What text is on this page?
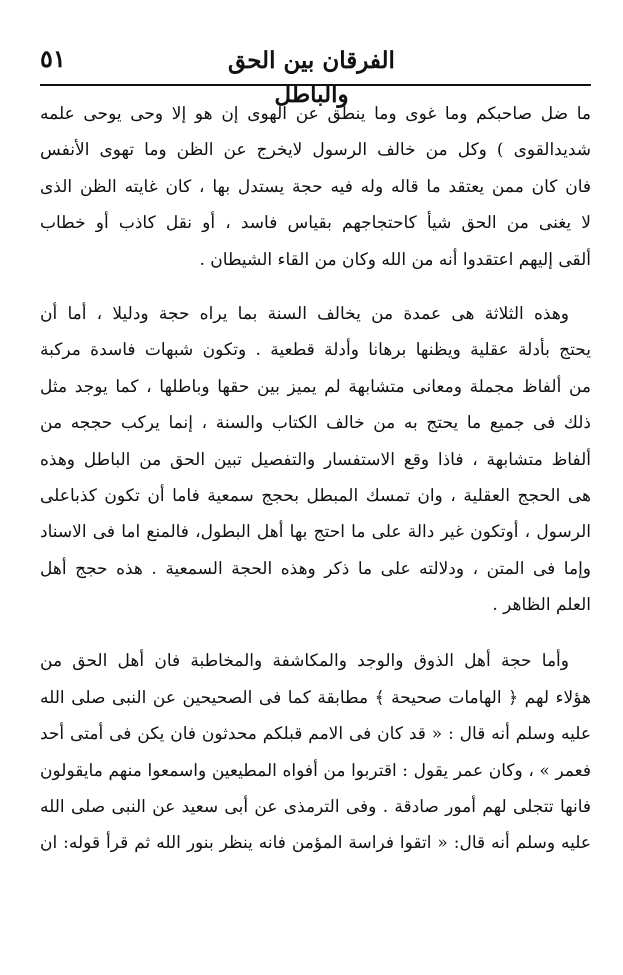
الفرقان بين الحق والباطل
٥١
ما ضل صاحبكم وما غوى وما ينطق عن الهوى إن هو إلا وحى يوحى علمه
شديدالقوى ) وكل من خالف الرسول لايخرج عن الظن وما تهوى الأنفس
فان كان ممن يعتقد ما قاله وله فيه حجة يستدل بها ، كان غايته الظن الذى
لا يغنى من الحق شيأ كاحتجاجهم بقياس فاسد ، أو نقل كاذب أو خطاب
ألقى إليهم اعتقدوا أنه من الله وكان من القاء الشيطان .
وهذه الثلاثة هى عمدة من يخالف السنة بما يراه حجة ودليلا ، أما أن
يحتج بأدلة عقلية ويظنها برهانا وأدلة قطعية . وتكون شبهات فاسدة مركبة
من ألفاظ مجملة ومعانى متشابهة لم يميز بين حقها وباطلها ، كما يوجد مثل
ذلك فى جميع ما يحتج به من خالف الكتاب والسنة ، إنما يركب حججه من
ألفاظ متشابهة ، فاذا وقع الاستفسار والتفصيل تبين الحق من الباطل وهذه
هى الحجج العقلية ، وان تمسك المبطل بحجج سمعية فاما أن تكون كذباعلى
الرسول ، أوتكون غير دالة على ما احتج بها أهل البطول، فالمنع اما فى الاسناد
وإما فى المتن ، ودلالته على ما ذكر وهذه الحجة السمعية . هذه حجج أهل
العلم الظاهر .
وأما حجة أهل الذوق والوجد والمكاشفة والمخاطبة فان أهل الحق من
هؤلاء لهم ﴿ الهامات صحيحة ﴾ مطابقة كما فى الصحيحين عن النبى صلى الله
عليه وسلم أنه قال : « قد كان فى الامم قبلكم محدثون فان يكن فى أمتى أحد
فعمر » ، وكان عمر يقول : اقتربوا من أفواه المطيعين واسمعوا منهم مايقولون
فانها تتجلى لهم أمور صادقة . وفى الترمذى عن أبى سعيد عن النبى صلى الله
عليه وسلم أنه قال: « اتقوا فراسة المؤمن فانه ينظر بنور الله ثم قرأ قوله: ان
